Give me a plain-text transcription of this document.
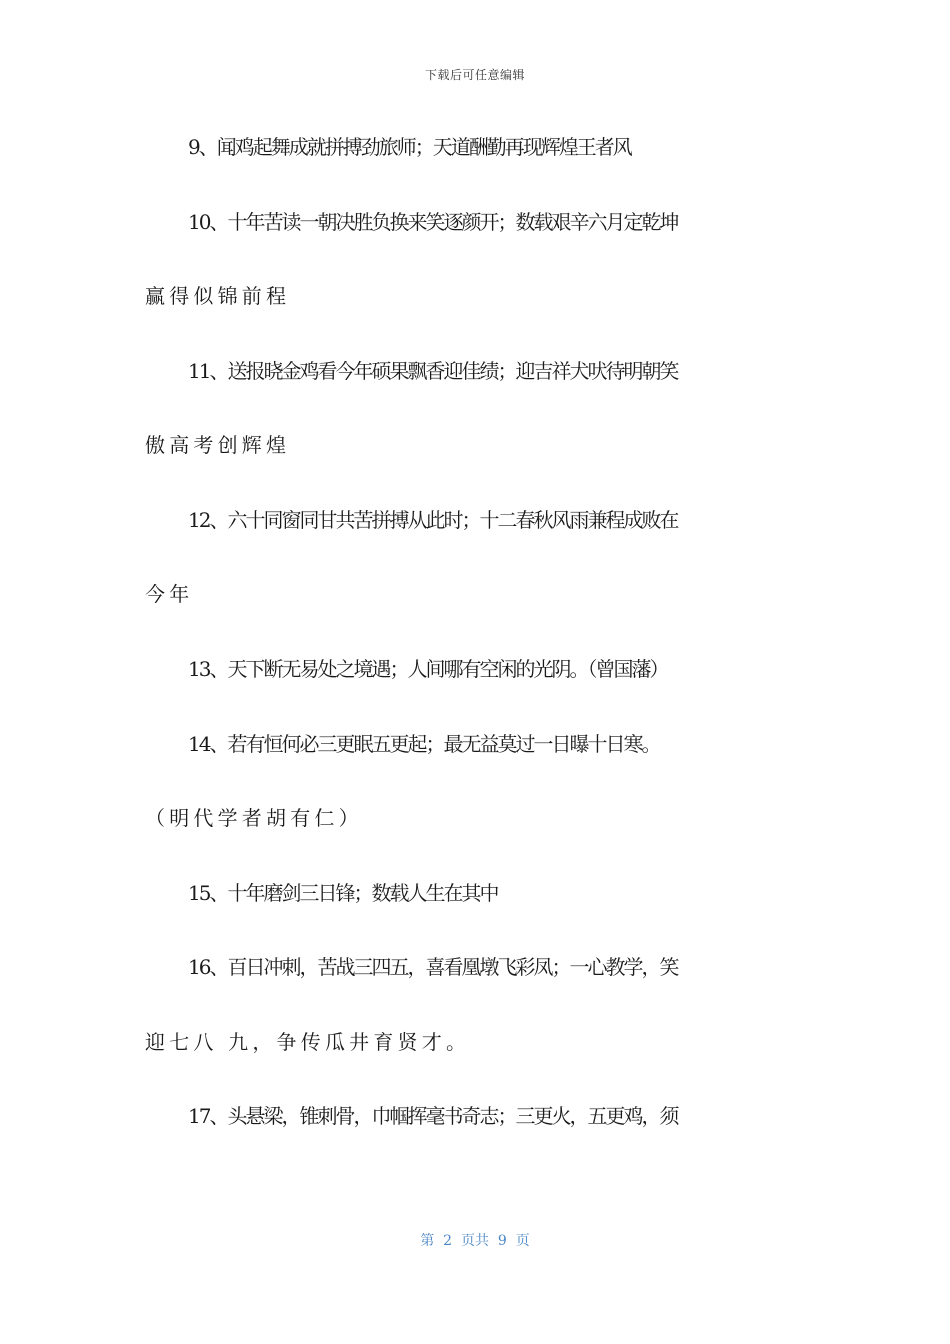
下载后可任意编辑
9、闻鸡起舞成就拼搏劲旅师；天道酬勤再现辉煌王者风
10、十年苦读一朝决胜负换来笑逐颜开；数载艰辛六月定乾坤
赢得似锦前程
11、送报晓金鸡看今年硕果飘香迎佳绩；迎吉祥犬吠待明朝笑
傲高考创辉煌
12、六十同窗同甘共苦拼搏从此时；十二春秋风雨兼程成败在
今年
13、天下断无易处之境遇；人间哪有空闲的光阴。（曾国藩）
14、若有恒何必三更眠五更起；最无益莫过一日曝十日寒。
（明代学者胡有仁）
15、十年磨剑三日锋；数载人生在其中
16、百日冲刺，苦战三四五，喜看凰墩飞彩凤；一心教学，笑
迎七八 九，争传瓜井育贤才。
17、头悬梁，锥刺骨，巾帼挥毫书奇志；三更火，五更鸡，须
第  2  页共  9  页
